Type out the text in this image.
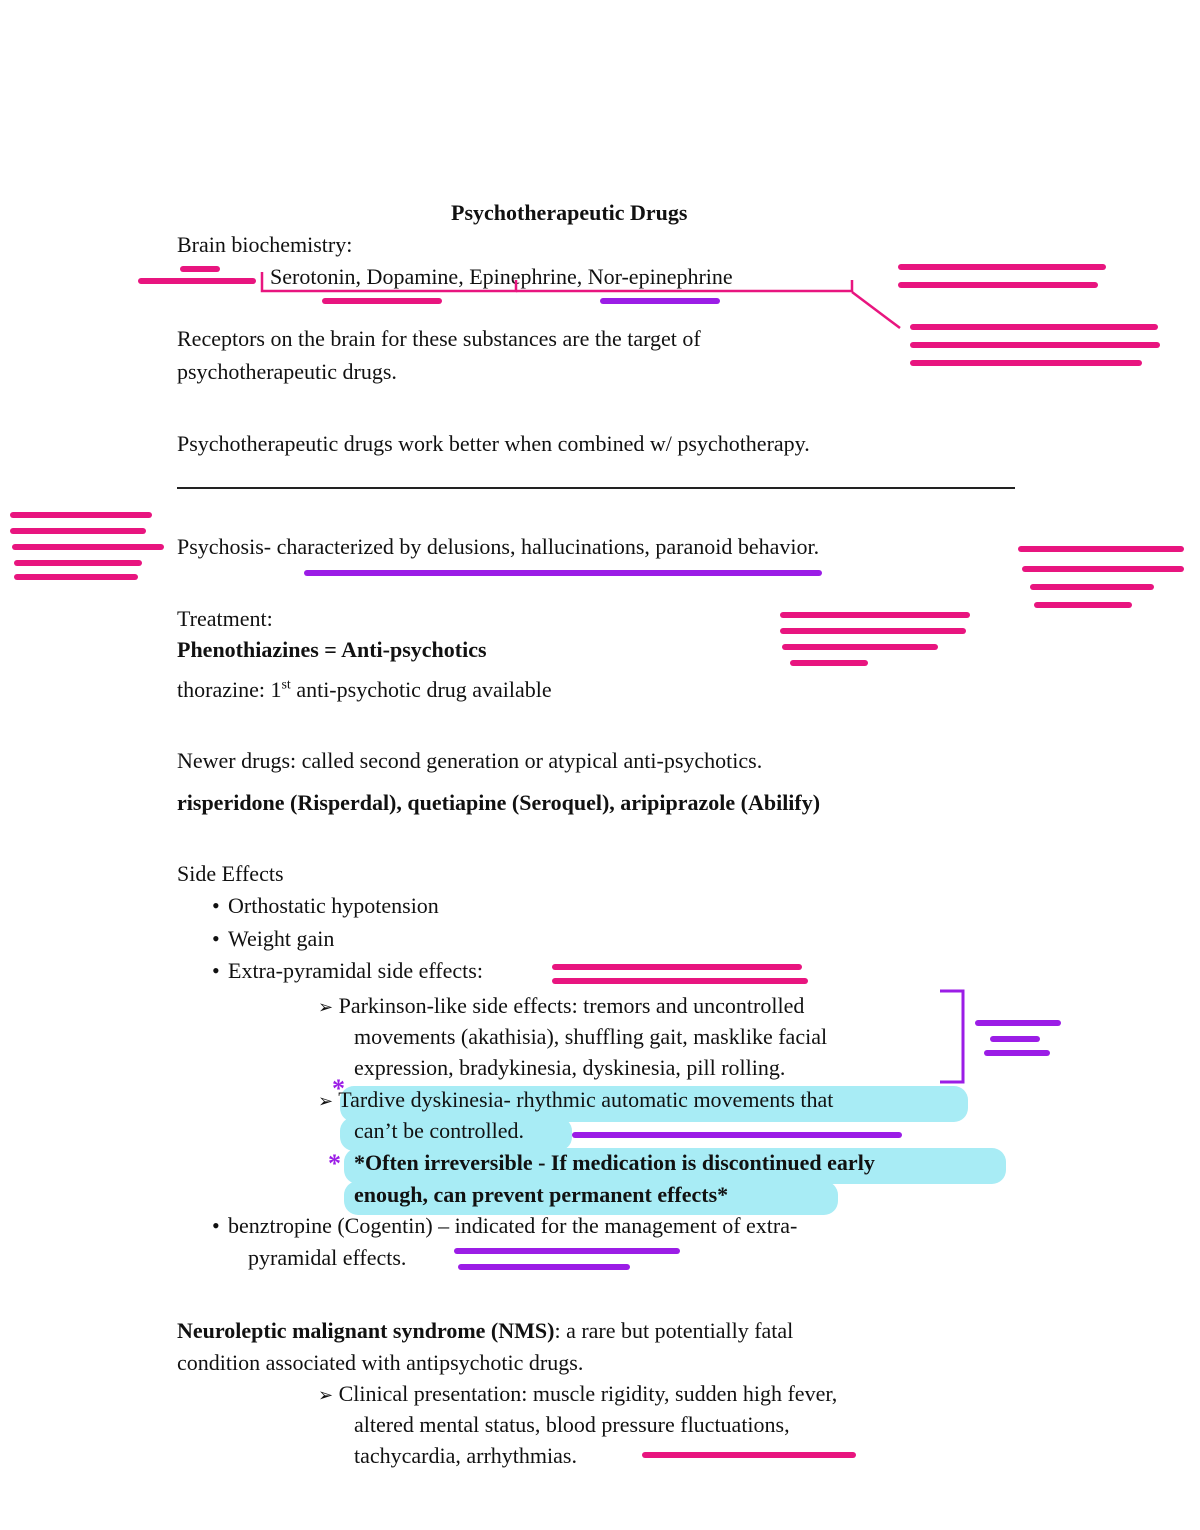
Psychotherapeutic Drugs
Brain biochemistry:
Serotonin, Dopamine, Epinephrine, Nor-epinephrine
Receptors on the brain for these substances are the target of
psychotherapeutic drugs.
Psychotherapeutic drugs work better when combined w/ psychotherapy.
Psychosis- characterized by delusions, hallucinations, paranoid behavior.
Treatment:
Phenothiazines = Anti-psychotics
thorazine: 1st anti-psychotic drug available
Newer drugs: called second generation or atypical anti-psychotics.
risperidone (Risperdal), quetiapine (Seroquel), aripiprazole (Abilify)
Side Effects
• Orthostatic hypotension
• Weight gain
• Extra-pyramidal side effects:
➢ Parkinson-like side effects: tremors and uncontrolled
movements (akathisia), shuffling gait, masklike facial
expression, bradykinesia, dyskinesia, pill rolling.
➢ Tardive dyskinesia- rhythmic automatic movements that
can’t be controlled.
*
* *Often irreversible - If medication is discontinued early
enough, can prevent permanent effects*
• benztropine (Cogentin) – indicated for the management of extra-
pyramidal effects.
Neuroleptic malignant syndrome (NMS): a rare but potentially fatal
condition associated with antipsychotic drugs.
➢ Clinical presentation: muscle rigidity, sudden high fever,
altered mental status, blood pressure fluctuations,
tachycardia, arrhythmias.
